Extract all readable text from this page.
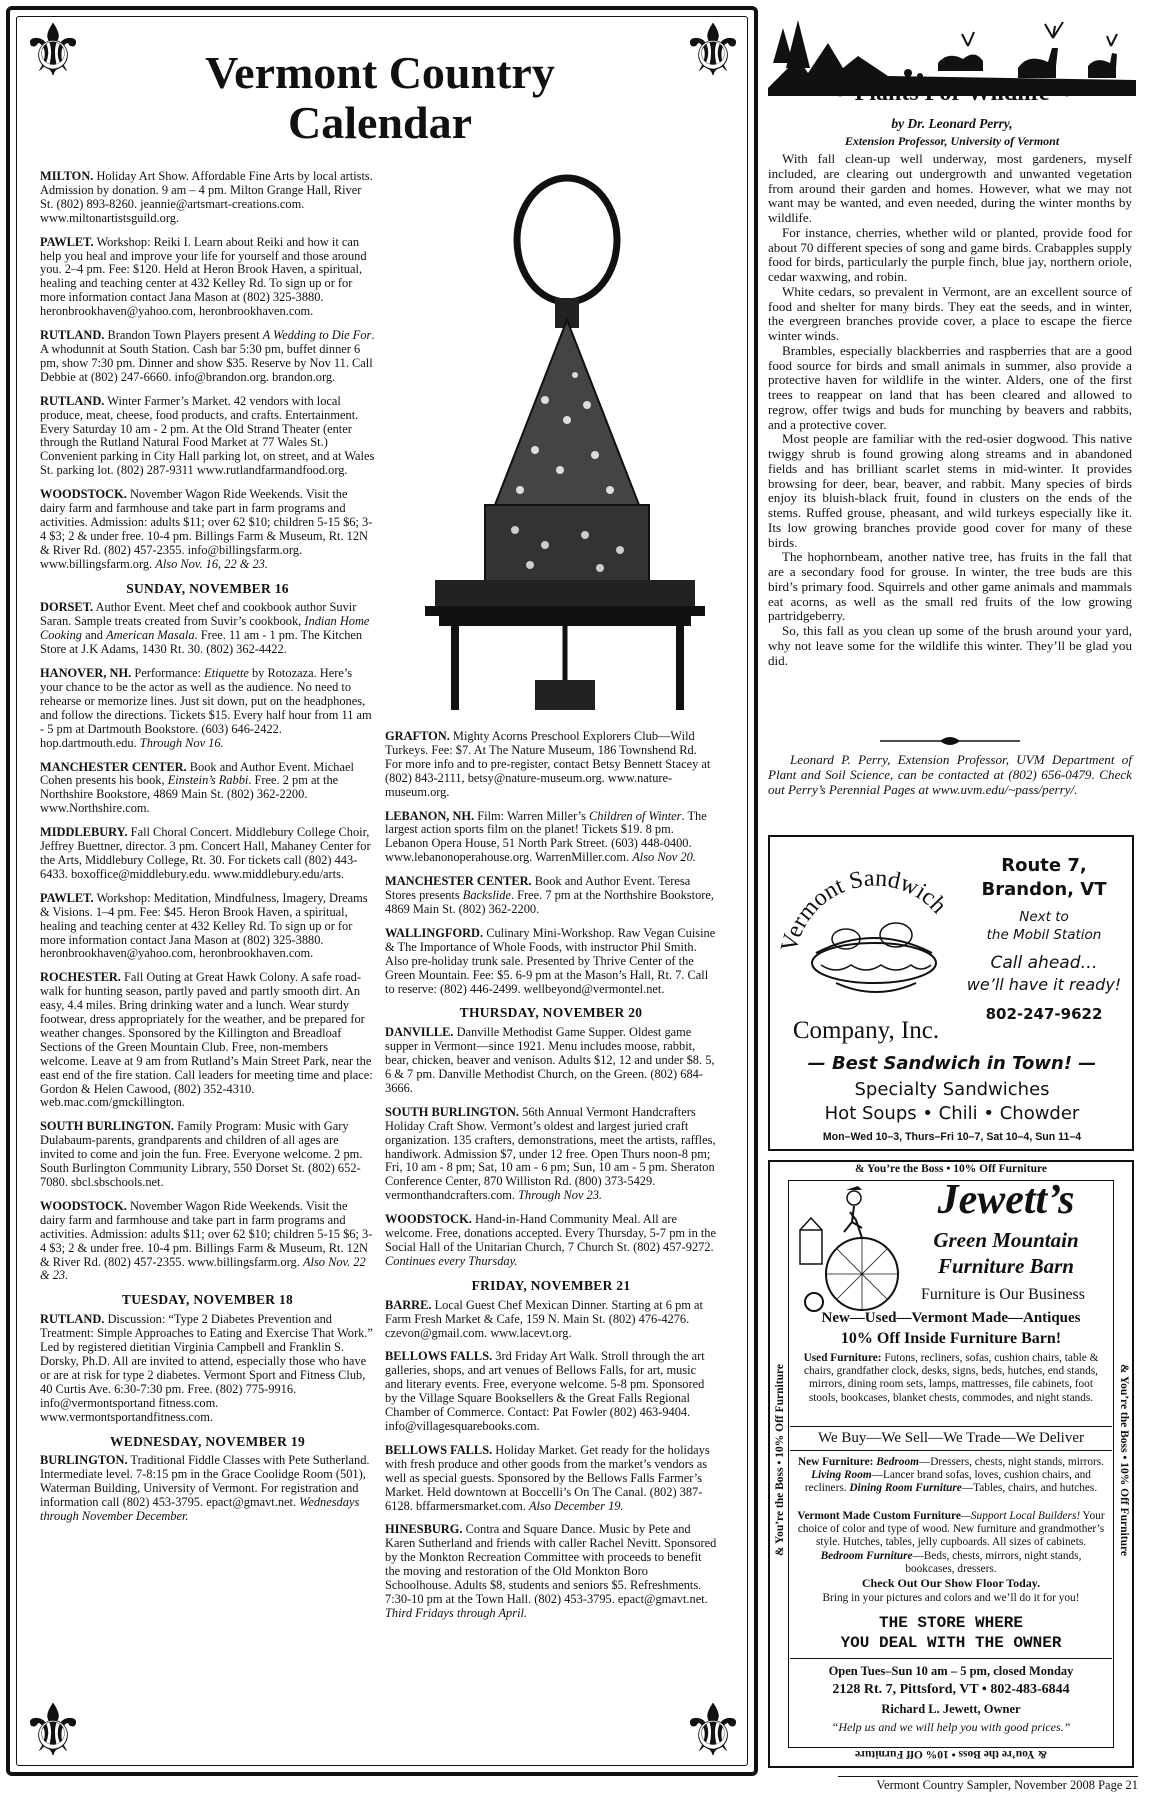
⚜	⚜
⚜	⚜
Vermont Country
Calendar

MILTON. Holiday Art Show. Affordable Fine Arts by local artists. Admission by donation. 9 am – 4 pm. Milton Grange Hall, River St. (802) 893-8260. jeannie@artsmart-creations.com. www.miltonartistsguild.org.

PAWLET. Workshop: Reiki I. Learn about Reiki and how it can help you heal and improve your life for yourself and those around you. 2–4 pm. Fee: $120. Held at Heron Brook Haven, a spiritual, healing and teaching center at 432 Kelley Rd. To sign up or for more information contact Jana Mason at (802) 325-3880. heronbrookhaven@yahoo.com, heronbrookhaven.com.

RUTLAND. Brandon Town Players present A Wedding to Die For. A whodunnit at South Station. Cash bar 5:30 pm, buffet dinner 6 pm, show 7:30 pm. Dinner and show $35. Reserve by Nov 11. Call Debbie at (802) 247-6660. info@brandon.org. brandon.org.

RUTLAND. Winter Farmer’s Market. 42 vendors with local produce, meat, cheese, food products, and crafts. Entertainment. Every Saturday 10 am - 2 pm. At the Old Strand Theater (enter through the Rutland Natural Food Market at 77 Wales St.) Convenient parking in City Hall parking lot, on street, and at Wales St. parking lot. (802) 287-9311 www.rutlandfarmandfood.org.

WOODSTOCK. November Wagon Ride Weekends. Visit the dairy farm and farmhouse and take part in farm programs and activities. Admission: adults $11; over 62 $10; children 5-15 $6; 3-4 $3; 2 & under free. 10-4 pm. Billings Farm & Museum, Rt. 12N & River Rd. (802) 457-2355. info@billingsfarm.org. www.billingsfarm.org. Also Nov. 16, 22 & 23.

SUNDAY, NOVEMBER 16

DORSET. Author Event. Meet chef and cookbook author Suvir Saran. Sample treats created from Suvir’s cookbook, Indian Home Cooking and American Masala. Free. 11 am - 1 pm. The Kitchen Store at J.K Adams, 1430 Rt. 30. (802) 362-4422.

HANOVER, NH. Performance: Etiquette by Rotozaza. Here’s your chance to be the actor as well as the audience. No need to rehearse or memorize lines. Just sit down, put on the headphones, and follow the directions. Tickets $15. Every half hour from 11 am - 5 pm at Dartmouth Bookstore. (603) 646-2422. hop.dartmouth.edu. Through Nov 16.

MANCHESTER CENTER. Book and Author Event. Michael Cohen presents his book, Einstein’s Rabbi. Free. 2 pm at the Northshire Bookstore, 4869 Main St. (802) 362-2200. www.Northshire.com.

MIDDLEBURY. Fall Choral Concert. Middlebury College Choir, Jeffrey Buettner, director. 3 pm. Concert Hall, Mahaney Center for the Arts, Middlebury College, Rt. 30. For tickets call (802) 443-6433. boxoffice@middlebury.edu. www.middlebury.edu/arts.

PAWLET. Workshop: Meditation, Mindfulness, Imagery, Dreams & Visions. 1–4 pm. Fee: $45. Heron Brook Haven, a spiritual, healing and teaching center at 432 Kelley Rd. To sign up or for more information contact Jana Mason at (802) 325-3880. heronbrookhaven@yahoo.com, heronbrookhaven.com.

ROCHESTER. Fall Outing at Great Hawk Colony. A safe road-walk for hunting season, partly paved and partly smooth dirt. An easy, 4.4 miles. Bring drinking water and a lunch. Wear sturdy footwear, dress appropriately for the weather, and be prepared for weather changes. Sponsored by the Killington and Breadloaf Sections of the Green Mountain Club. Free, non-members welcome. Leave at 9 am from Rutland’s Main Street Park, near the east end of the fire station. Call leaders for meeting time and place: Gordon & Helen Cawood, (802) 352-4310. web.mac.com/gmckillington.

SOUTH BURLINGTON. Family Program: Music with Gary Dulabaum-parents, grandparents and children of all ages are invited to come and join the fun. Free. Everyone welcome. 2 pm. South Burlington Community Library, 550 Dorset St. (802) 652-7080. sbcl.sbschools.net.

WOODSTOCK. November Wagon Ride Weekends. Visit the dairy farm and farmhouse and take part in farm programs and activities. Admission: adults $11; over 62 $10; children 5-15 $6; 3-4 $3; 2 & under free. 10-4 pm. Billings Farm & Museum, Rt. 12N & River Rd. (802) 457-2355. www.billingsfarm.org. Also Nov. 22 & 23.

TUESDAY, NOVEMBER 18

RUTLAND. Discussion: “Type 2 Diabetes Prevention and Treatment: Simple Approaches to Eating and Exercise That Work.” Led by registered dietitian Virginia Campbell and Franklin S. Dorsky, Ph.D. All are invited to attend, especially those who have or are at risk for type 2 diabetes. Vermont Sport and Fitness Club, 40 Curtis Ave. 6:30-7:30 pm. Free. (802) 775-9916. info@vermontsportand fitness.com. www.vermontsportandfitness.com.

WEDNESDAY, NOVEMBER 19

BURLINGTON. Traditional Fiddle Classes with Pete Sutherland. Intermediate level. 7-8:15 pm in the Grace Coolidge Room (501), Waterman Building, University of Vermont. For registration and information call (802) 453-3795. epact@gmavt.net. Wednesdays through November December.

GRAFTON. Mighty Acorns Preschool Explorers Club—Wild Turkeys. Fee: $7. At The Nature Museum, 186 Townshend Rd. For more info and to pre-register, contact Betsy Bennett Stacey at (802) 843-2111, betsy@nature-museum.org. www.nature-museum.org.

LEBANON, NH. Film: Warren Miller’s Children of Winter. The largest action sports film on the planet! Tickets $19. 8 pm. Lebanon Opera House, 51 North Park Street. (603) 448-0400. www.lebanonoperahouse.org. WarrenMiller.com. Also Nov 20.

MANCHESTER CENTER. Book and Author Event. Teresa Stores presents Backslide. Free. 7 pm at the Northshire Bookstore, 4869 Main St. (802) 362-2200.

WALLINGFORD. Culinary Mini-Workshop. Raw Vegan Cuisine & The Importance of Whole Foods, with instructor Phil Smith. Also pre-holiday trunk sale. Presented by Thrive Center of the Green Mountain. Fee: $5. 6-9 pm at the Mason’s Hall, Rt. 7. Call to reserve: (802) 446-2499. wellbeyond@vermontel.net.

THURSDAY, NOVEMBER 20

DANVILLE. Danville Methodist Game Supper. Oldest game supper in Vermont—since 1921. Menu includes moose, rabbit, bear, chicken, beaver and venison. Adults $12, 12 and under $8. 5, 6 & 7 pm. Danville Methodist Church, on the Green. (802) 684-3666.

SOUTH BURLINGTON. 56th Annual Vermont Handcrafters Holiday Craft Show. Vermont’s oldest and largest juried craft organization. 135 crafters, demonstrations, meet the artists, raffles, handiwork. Admission $7, under 12 free. Open Thurs noon-8 pm; Fri, 10 am - 8 pm; Sat, 10 am - 6 pm; Sun, 10 am - 5 pm. Sheraton Conference Center, 870 Williston Rd. (800) 373-5429. vermonthandcrafters.com. Through Nov 23.

WOODSTOCK. Hand-in-Hand Community Meal. All are welcome. Free, donations accepted. Every Thursday, 5-7 pm in the Social Hall of the Unitarian Church, 7 Church St. (802) 457-9272. Continues every Thursday.

FRIDAY, NOVEMBER 21

BARRE. Local Guest Chef Mexican Dinner. Starting at 6 pm at Farm Fresh Market & Cafe, 159 N. Main St. (802) 476-4276. czevon@gmail.com. www.lacevt.org.

BELLOWS FALLS. 3rd Friday Art Walk. Stroll through the art galleries, shops, and art venues of Bellows Falls, for art, music and literary events. Free, everyone welcome. 5-8 pm. Sponsored by the Village Square Booksellers & the Great Falls Regional Chamber of Commerce. Contact: Pat Fowler (802) 463-9404. info@villagesquarebooks.com.

BELLOWS FALLS. Holiday Market. Get ready for the holidays with fresh produce and other goods from the market’s vendors as well as special guests. Sponsored by the Bellows Falls Farmer’s Market. Held downtown at Boccelli’s On The Canal. (802) 387-6128. bffarmersmarket.com. Also December 19.

HINESBURG. Contra and Square Dance. Music by Pete and Karen Sutherland and friends with caller Rachel Nevitt. Sponsored by the Monkton Recreation Committee with proceeds to benefit the moving and restoration of the Old Monkton Boro Schoolhouse. Adults $8, students and seniors $5. Refreshments. 7:30-10 pm at the Town Hall. (802) 453-3795. epact@gmavt.net. Third Fridays through April.

❧ Plants For Wildlife ❧
by Dr. Leonard Perry,
Extension Professor, University of Vermont

With fall clean-up well underway, most gardeners, myself included, are clearing out undergrowth and unwanted vegetation from around their garden and homes. However, what we may not want may be wanted, and even needed, during the winter months by wildlife.

For instance, cherries, whether wild or planted, provide food for about 70 different species of song and game birds. Crabapples supply food for birds, particularly the purple finch, blue jay, northern oriole, cedar waxwing, and robin.

White cedars, so prevalent in Vermont, are an excellent source of food and shelter for many birds. They eat the seeds, and in winter, the evergreen branches provide cover, a place to escape the fierce winter winds.

Brambles, especially blackberries and raspberries that are a good food source for birds and small animals in summer, also provide a protective haven for wildlife in the winter. Alders, one of the first trees to reappear on land that has been cleared and allowed to regrow, offer twigs and buds for munching by beavers and rabbits, and a protective cover.

Most people are familiar with the red-osier dogwood. This native twiggy shrub is found growing along streams and in abandoned fields and has brilliant scarlet stems in mid-winter. It provides browsing for deer, bear, beaver, and rabbit. Many species of birds enjoy its bluish-black fruit, found in clusters on the ends of the stems. Ruffed grouse, pheasant, and wild turkeys especially like it. Its low growing branches provide good cover for many of these birds.

The hophornbeam, another native tree, has fruits in the fall that are a secondary food for grouse. In winter, the tree buds are this bird’s primary food. Squirrels and other game animals and mammals eat acorns, as well as the small red fruits of the low growing partridgeberry.

So, this fall as you clean up some of the brush around your yard, why not leave some for the wildlife this winter. They’ll be glad you did.

Leonard P. Perry, Extension Professor, UVM Department of Plant and Soil Science, can be contacted at (802) 656-0479. Check out Perry’s Perennial Pages at www.uvm.edu/~pass/perry/.
Vermont Sandwich
Company, Inc.
Route 7,
Brandon, VT
Next to
the Mobil Station
Call ahead…
we’ll have it ready!
802-247-9622
— Best Sandwich in Town! —
Specialty Sandwiches
Hot Soups • Chili • Chowder
Mon–Wed 10–3, Thurs–Fri 10–7, Sat 10–4, Sun 11–4
& You’re the Boss • 10% Off Furniture
& You’re the Boss • 10% Off Furniture
& You’re the Boss • 10% Off Furniture	& You’re the Boss • 10% Off Furniture
Jewett’s
Green Mountain
Furniture Barn
Furniture is Our Business
New—Used—Vermont Made—Antiques
10% Off Inside Furniture Barn!
Used Furniture: Futons, recliners, sofas, cushion chairs, table & chairs, grandfather clock, desks, signs, beds, hutches, end stands, mirrors, dining room sets, lamps, mattresses, file cabinets, foot stools, bookcases, blanket chests, commodes, and night stands.
We Buy—We Sell—We Trade—We Deliver
New Furniture: Bedroom—Dressers, chests, night stands, mirrors. Living Room—Lancer brand sofas, loves, cushion chairs, and recliners. Dining Room Furniture—Tables, chairs, and hutches.
Vermont Made Custom Furniture—Support Local Builders! Your choice of color and type of wood. New furniture and grandmother’s style. Hutches, tables, jelly cupboards. All sizes of cabinets. Bedroom Furniture—Beds, chests, mirrors, night stands, bookcases, dressers.
Check Out Our Show Floor Today.
Bring in your pictures and colors and we’ll do it for you!
THE STORE WHERE
YOU DEAL WITH THE OWNER
Open Tues–Sun 10 am – 5 pm, closed Monday
2128 Rt. 7, Pittsford, VT • 802-483-6844
Richard L. Jewett, Owner
“Help us and we will help you with good prices.”
Vermont Country Sampler, November 2008 Page 21
